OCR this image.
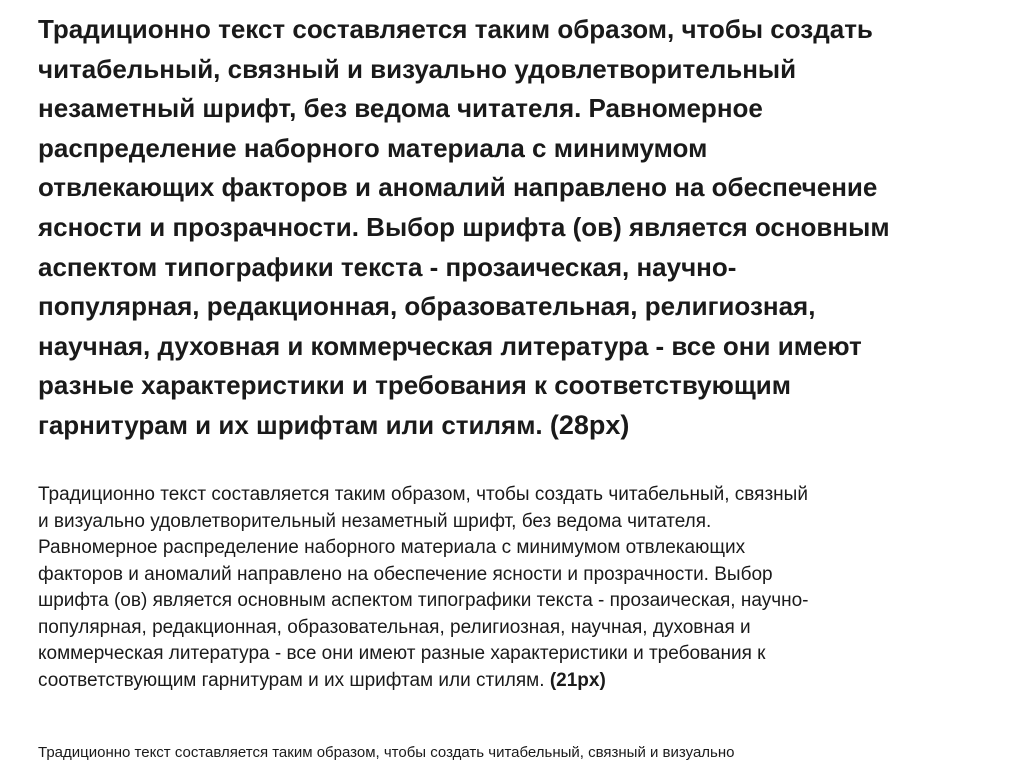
Традиционно текст составляется таким образом, чтобы создать
читабельный, связный и визуально удовлетворительный
незаметный шрифт, без ведома читателя. Равномерное
распределение наборного материала с минимумом
отвлекающих факторов и аномалий направлено на обеспечение
ясности и прозрачности. Выбор шрифта (ов) является основным
аспектом типографики текста - прозаическая, научно-
популярная, редакционная, образовательная, религиозная,
научная, духовная и коммерческая литература - все они имеют
разные характеристики и требования к соответствующим
гарнитурам и их шрифтам или стилям. (28px)
Традиционно текст составляется таким образом, чтобы создать читабельный, связный
и визуально удовлетворительный незаметный шрифт, без ведома читателя.
Равномерное распределение наборного материала с минимумом отвлекающих
факторов и аномалий направлено на обеспечение ясности и прозрачности. Выбор
шрифта (ов) является основным аспектом типографики текста - прозаическая, научно-
популярная, редакционная, образовательная, религиозная, научная, духовная и
коммерческая литература - все они имеют разные характеристики и требования к
соответствующим гарнитурам и их шрифтам или стилям. (21px)
Традиционно текст составляется таким образом, чтобы создать читабельный, связный и визуально
